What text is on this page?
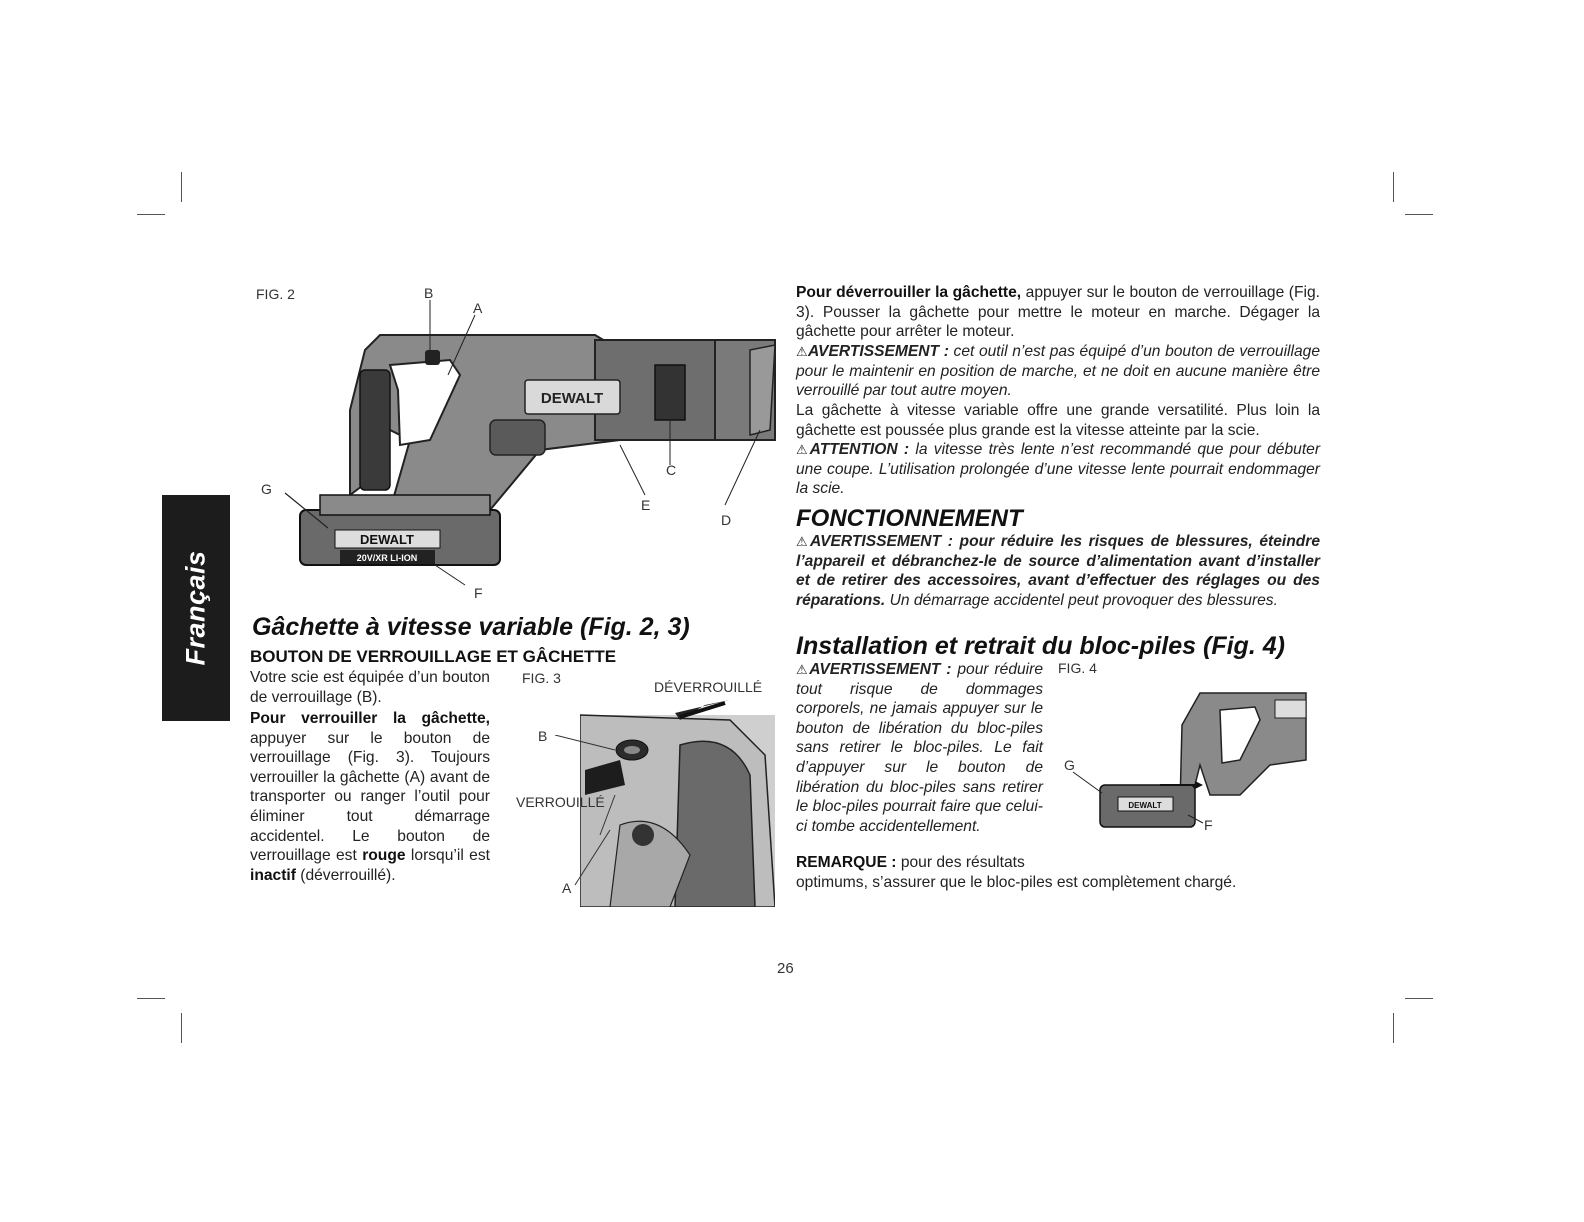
Français
FIG. 2
DEWALT
20V/XR LI-ION
DEWALT
B
A
G
C
E
D
F
Gâchette à vitesse variable (Fig. 2, 3)
BOUTON DE VERROUILLAGE ET GÂCHETTE
Votre scie est équipée d’un bouton de verrouillage (B).
Pour verrouiller la gâchette, appuyer sur le bouton de verrouillage (Fig. 3). Toujours verrouiller la gâchette (A) avant de transporter ou ranger l’outil pour éliminer tout démarrage accidentel. Le bouton de verrouillage est rouge lorsqu’il est inactif (déverrouillé).
FIG. 3
DÉVERROUILLÉ
B
VERROUILLÉ
A
Pour déverrouiller la gâchette, appuyer sur le bouton de verrouillage (Fig. 3). Pousser la gâchette pour mettre le moteur en marche. Dégager la gâchette pour arrêter le moteur.
⚠AVERTISSEMENT : cet outil n’est pas équipé d’un bouton de verrouillage pour le maintenir en position de marche, et ne doit en aucune manière être verrouillé par tout autre moyen.
La gâchette à vitesse variable offre une grande versatilité. Plus loin la gâchette est poussée plus grande est la vitesse atteinte par la scie.
⚠ATTENTION : la vitesse très lente n’est recommandé que pour débuter une coupe. L’utilisation prolongée d’une vitesse lente pourrait endommager la scie.
FONCTIONNEMENT
⚠AVERTISSEMENT : pour réduire les risques de blessures, éteindre l’appareil et débranchez-le de source d’alimentation avant d’installer et de retirer des accessoires, avant d’effectuer des réglages ou des réparations. Un démarrage accidentel peut provoquer des blessures.
Installation et retrait du bloc-piles (Fig. 4)
⚠AVERTISSEMENT : pour réduire tout risque de dommages corporels, ne jamais appuyer sur le bouton de libération du bloc-piles sans retirer le bloc-piles. Le fait d’appuyer sur le bouton de libération du bloc-piles sans retirer le bloc-piles pourrait faire que celui-ci tombe accidentellement.
REMARQUE : pour des résultats
optimums, s’assurer que le bloc-piles est complètement chargé.
FIG. 4
DEWALT
G
F
26
